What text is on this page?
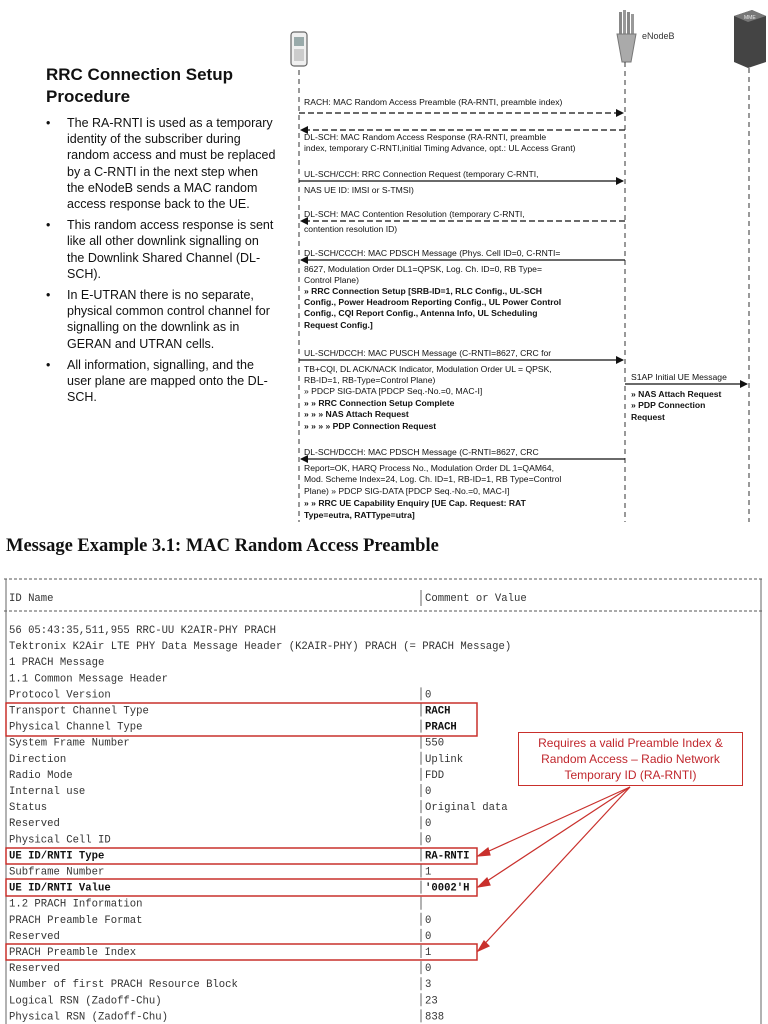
RRC Connection Setup Procedure
• The RA-RNTI is used as a temporary identity of the subscriber during random access and must be replaced by a C-RNTI in the next step when the eNodeB sends a MAC random access response back to the UE.
• This random access response is sent like all other downlink signalling on the Downlink Shared Channel (DL-SCH).
• In E-UTRAN there is no separate, physical common control channel for signalling on the downlink as in GERAN and UTRAN cells.
• All information, signalling, and the user plane are mapped onto the DL-SCH.
eNodeB
MME
RACH: MAC Random Access Preamble (RA-RNTI, preamble index)
DL-SCH: MAC Random Access Response (RA-RNTI, preamble
index, temporary C-RNTI,initial Timing Advance, opt.: UL Access Grant)
UL-SCH/CCH: RRC Connection Request (temporary C-RNTI,
NAS UE ID: IMSI or S-TMSI)
DL-SCH: MAC Contention Resolution (temporary C-RNTI,
contention resolution ID)
DL-SCH/CCCH: MAC PDSCH Message (Phys. Cell ID=0, C-RNTI=
8627, Modulation Order DL1=QPSK, Log. Ch. ID=0, RB Type=
Control Plane)
» RRC Connection Setup [SRB-ID=1, RLC Config., UL-SCH
Config., Power Headroom Reporting Config., UL Power Control
Config., CQI Report Config., Antenna Info, UL Scheduling
Request Config.]
UL-SCH/DCCH: MAC PUSCH Message (C-RNTI=8627, CRC for
TB+CQI, DL ACK/NACK Indicator, Modulation Order UL = QPSK,
RB-ID=1, RB-Type=Control Plane)
» PDCP SIG-DATA [PDCP Seq.-No.=0, MAC-I]
» » RRC Connection Setup Complete
» » » NAS Attach Request
» » » » PDP Connection Request
S1AP Initial UE Message
» NAS Attach Request
» PDP Connection
Request
DL-SCH/DCCH: MAC PDSCH Message (C-RNTI=8627, CRC
Report=OK, HARQ Process No., Modulation Order DL 1=QAM64,
Mod. Scheme Index=24, Log. Ch. ID=1, RB-ID=1, RB Type=Control
Plane) » PDCP SIG-DATA [PDCP Seq.-No.=0, MAC-I]
» » RRC UE Capability Enquiry [UE Cap. Request: RAT
Type=eutra, RATType=utra]
Message Example 3.1: MAC Random Access Preamble
ID Name	Comment or Value
56 05:43:35,511,955 RRC-UU K2AIR-PHY PRACH
Tektronix K2Air LTE PHY Data Message Header (K2AIR-PHY) PRACH (= PRACH Message)
1 PRACH Message
1.1 Common Message Header
Protocol Version	0
Transport Channel Type	RACH
Physical Channel Type	PRACH
System Frame Number	550
Direction	Uplink
Radio Mode	FDD
Internal use	0
Status	Original data
Reserved	0
Physical Cell ID	0
UE ID/RNTI Type	RA-RNTI
Subframe Number	1
UE ID/RNTI Value	'0002'H
1.2 PRACH Information
PRACH Preamble Format	0
Reserved	0
PRACH Preamble Index	1
Reserved	0
Number of first PRACH Resource Block	3
Logical RSN (Zadoff-Chu)	23
Physical RSN (Zadoff-Chu)	838
Requires a valid Preamble Index & Random Access – Radio Network Temporary ID (RA-RNTI)
